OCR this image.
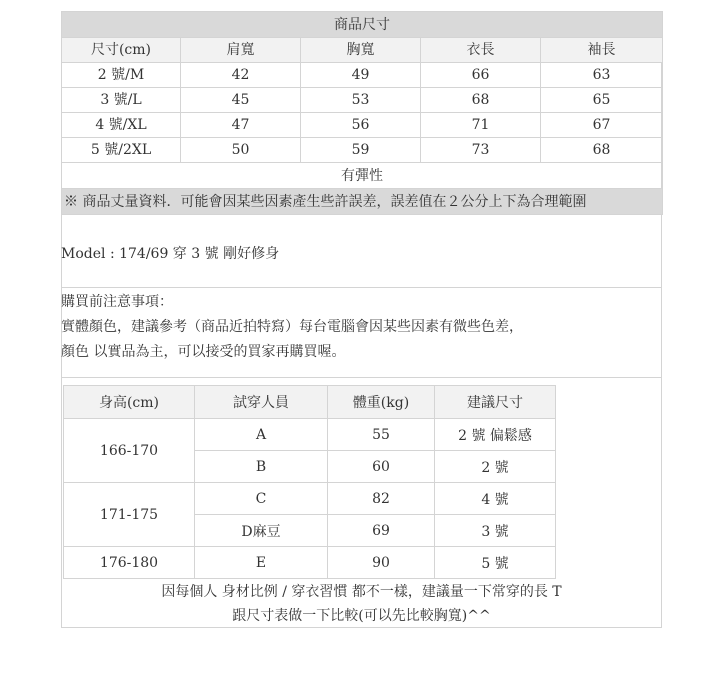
商品尺寸				
尺寸(cm)	肩寬	胸寬	衣長	袖長
2 號/M	42	49	66	63
3 號/L	45	53	68	65
4 號/XL	47	56	71	67
5 號/2XL	50	59	73	68
有彈性				
※ 商品丈量資料．可能會因某些因素產生些許誤差，誤差值在２公分上下為合理範圍				
Model : 174/69 穿 3 號 剛好修身
購買前注意事項：
實體顏色，建議參考（商品近拍特寫）每台電腦會因某些因素有微些色差，
顏色 以實品為主，可以接受的買家再購買喔。
身高(cm)	試穿人員	體重(kg)	建議尺寸
166-170	A	55	2 號 偏鬆感
	B	60	2 號
171-175	C	82	4 號
	D麻豆	69	3 號
176-180	E	90	5 號
因每個人 身材比例 / 穿衣習慣 都不一樣，建議量一下常穿的長 T
跟尺寸表做一下比較(可以先比較胸寬)^^
